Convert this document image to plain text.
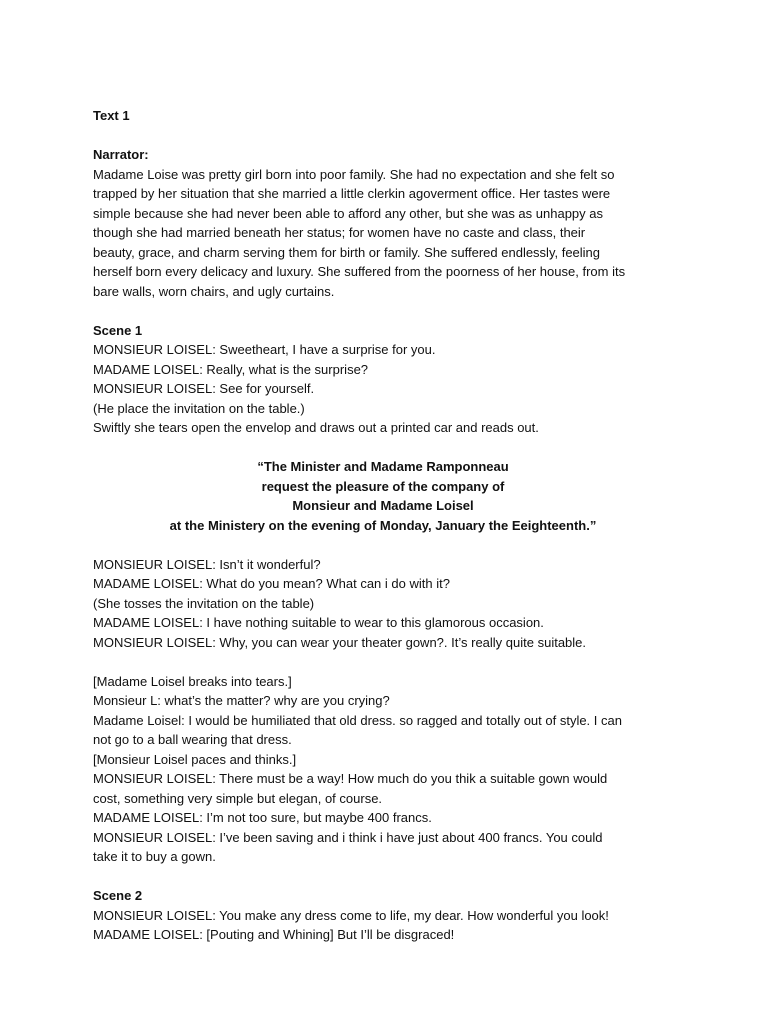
Text 1
Narrator:
Madame Loise was pretty girl born into poor family. She had no expectation and she felt so
trapped by her situation that she married a little clerkin agoverment office. Her tastes were
simple because she had never been able to afford any other, but she was as unhappy as
though she had married beneath her status; for women have no caste and class, their
beauty, grace, and charm serving them for birth or family. She suffered endlessly, feeling
herself born every delicacy and luxury. She suffered from the poorness of her house, from its
bare walls, worn chairs, and ugly curtains.
Scene 1
MONSIEUR LOISEL: Sweetheart, I have a surprise for you.
MADAME LOISEL: Really, what is the surprise?
MONSIEUR LOISEL: See for yourself.
(He place the invitation on the table.)
Swiftly she tears open the envelop and draws out a printed car and reads out.
“The Minister and Madame Ramponneau
request the pleasure of the company of
Monsieur and Madame Loisel
at the Ministery on the evening of Monday, January the Eeighteenth.”
MONSIEUR LOISEL: Isn’t it wonderful?
MADAME LOISEL: What do you mean? What can i do with it?
(She tosses the invitation on the table)
MADAME LOISEL: I have nothing suitable to wear to this glamorous occasion.
MONSIEUR LOISEL: Why, you can wear your theater gown?. It’s really quite suitable.
[Madame Loisel breaks into tears.]
Monsieur L: what’s the matter? why are you crying?
Madame Loisel: I would be humiliated that old dress. so ragged and totally out of style. I can
not go to a ball wearing that dress.
[Monsieur Loisel paces and thinks.]
MONSIEUR LOISEL: There must be a way! How much do you thik a suitable gown would
cost, something very simple but elegan, of course.
MADAME LOISEL: I’m not too sure, but maybe 400 francs.
MONSIEUR LOISEL: I’ve been saving and i think i have just about 400 francs. You could
take it to buy a gown.
Scene 2
MONSIEUR LOISEL: You make any dress come to life, my dear. How wonderful you look!
MADAME LOISEL: [Pouting and Whining] But I’ll be disgraced!
